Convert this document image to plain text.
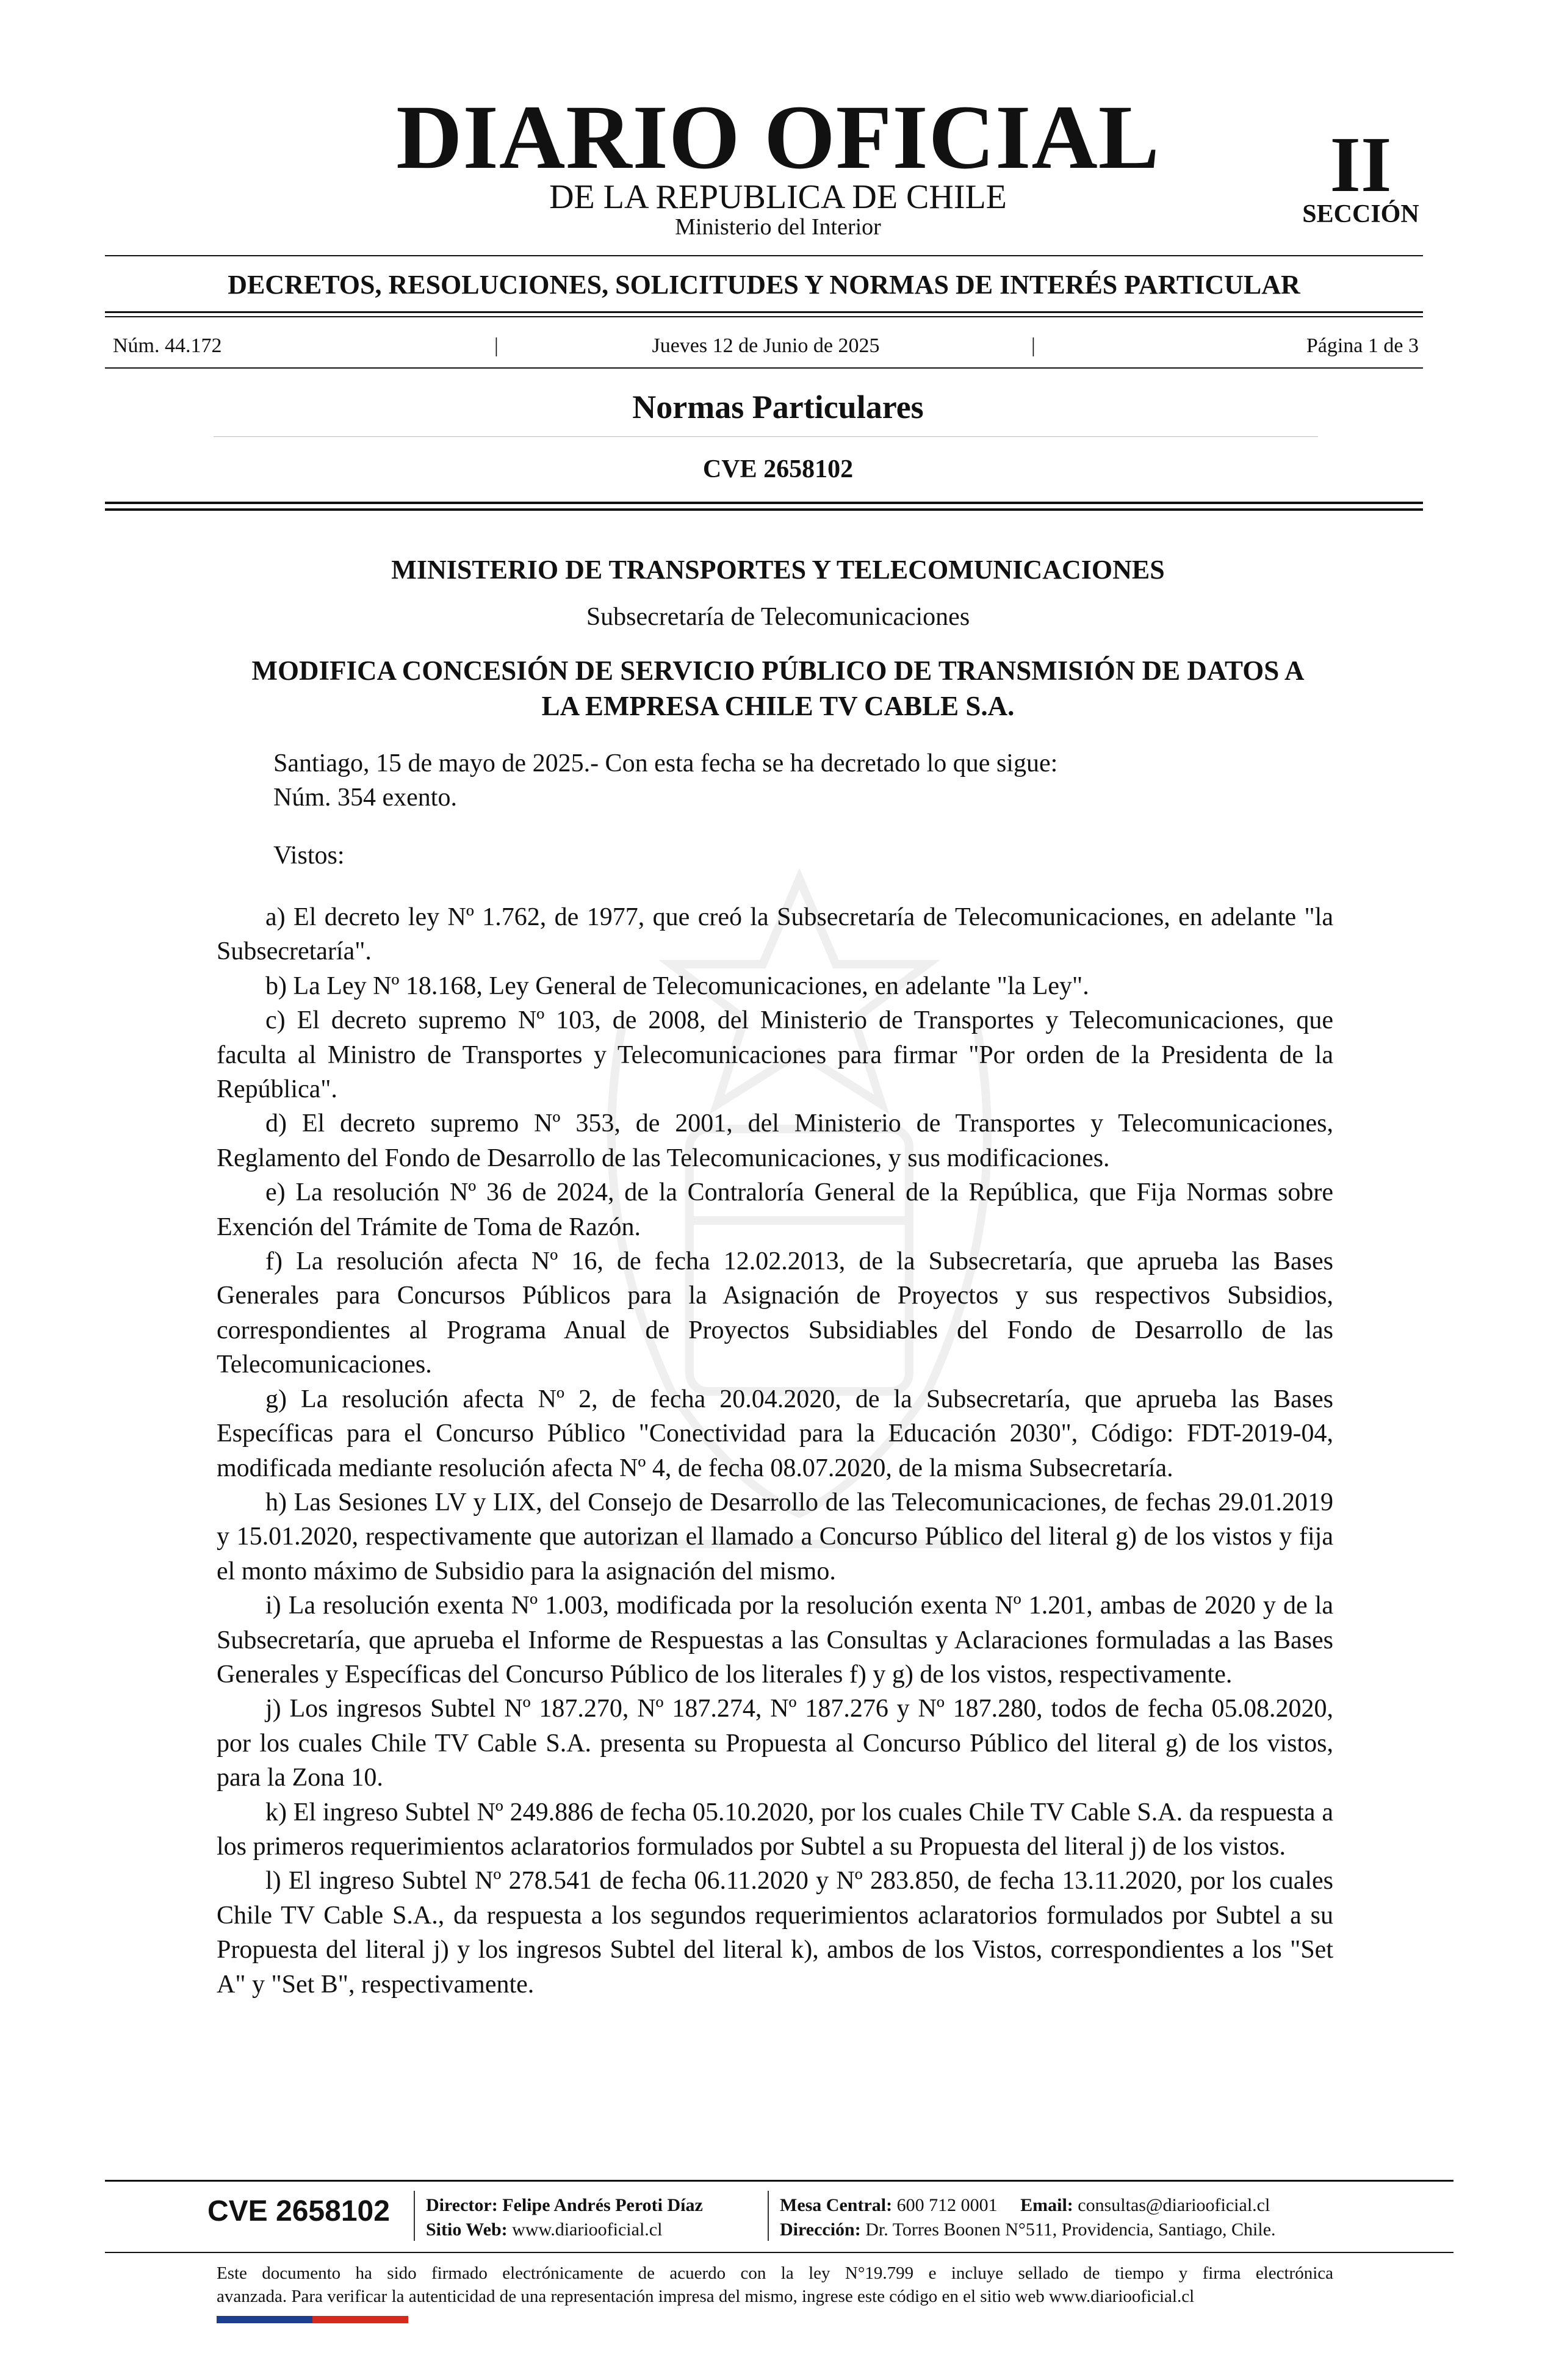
DIARIO OFICIAL
DE LA REPUBLICA DE CHILE
Ministerio del Interior
II
SECCIÓN
DECRETOS, RESOLUCIONES, SOLICITUDES Y NORMAS DE INTERÉS PARTICULAR
Núm. 44.172	|	Jueves 12 de Junio de 2025	|	Página 1 de 3
Normas Particulares
CVE 2658102
MINISTERIO DE TRANSPORTES Y TELECOMUNICACIONES
Subsecretaría de Telecomunicaciones
MODIFICA CONCESIÓN DE SERVICIO PÚBLICO DE TRANSMISIÓN DE DATOS A
LA EMPRESA CHILE TV CABLE S.A.
Santiago, 15 de mayo de 2025.- Con esta fecha se ha decretado lo que sigue:
Núm. 354 exento.
Vistos:

a) El decreto ley Nº 1.762, de 1977, que creó la Subsecretaría de Telecomunicaciones, en adelante "la Subsecretaría".

b) La Ley Nº 18.168, Ley General de Telecomunicaciones, en adelante "la Ley".

c) El decreto supremo Nº 103, de 2008, del Ministerio de Transportes y Telecomunicaciones, que faculta al Ministro de Transportes y Telecomunicaciones para firmar "Por orden de la Presidenta de la República".

d) El decreto supremo Nº 353, de 2001, del Ministerio de Transportes y Telecomunicaciones, Reglamento del Fondo de Desarrollo de las Telecomunicaciones, y sus modificaciones.

e) La resolución Nº 36 de 2024, de la Contraloría General de la República, que Fija Normas sobre Exención del Trámite de Toma de Razón.

f) La resolución afecta Nº 16, de fecha 12.02.2013, de la Subsecretaría, que aprueba las Bases Generales para Concursos Públicos para la Asignación de Proyectos y sus respectivos Subsidios, correspondientes al Programa Anual de Proyectos Subsidiables del Fondo de Desarrollo de las Telecomunicaciones.

g) La resolución afecta Nº 2, de fecha 20.04.2020, de la Subsecretaría, que aprueba las Bases Específicas para el Concurso Público "Conectividad para la Educación 2030", Código: FDT-2019-04, modificada mediante resolución afecta Nº 4, de fecha 08.07.2020, de la misma Subsecretaría.

h) Las Sesiones LV y LIX, del Consejo de Desarrollo de las Telecomunicaciones, de fechas 29.01.2019 y 15.01.2020, respectivamente que autorizan el llamado a Concurso Público del literal g) de los vistos y fija el monto máximo de Subsidio para la asignación del mismo.

i) La resolución exenta Nº 1.003, modificada por la resolución exenta Nº 1.201, ambas de 2020 y de la Subsecretaría, que aprueba el Informe de Respuestas a las Consultas y Aclaraciones formuladas a las Bases Generales y Específicas del Concurso Público de los literales f) y g) de los vistos, respectivamente.

j) Los ingresos Subtel Nº 187.270, Nº 187.274, Nº 187.276 y Nº 187.280, todos de fecha 05.08.2020, por los cuales Chile TV Cable S.A. presenta su Propuesta al Concurso Público del literal g) de los vistos, para la Zona 10.

k) El ingreso Subtel Nº 249.886 de fecha 05.10.2020, por los cuales Chile TV Cable S.A. da respuesta a los primeros requerimientos aclaratorios formulados por Subtel a su Propuesta del literal j) de los vistos.

l) El ingreso Subtel Nº 278.541 de fecha 06.11.2020 y Nº 283.850, de fecha 13.11.2020, por los cuales Chile TV Cable S.A., da respuesta a los segundos requerimientos aclaratorios formulados por Subtel a su Propuesta del literal j) y los ingresos Subtel del literal k), ambos de los Vistos, correspondientes a los "Set A" y "Set B", respectivamente.

CVE 2658102 Director: Felipe Andrés Peroti Díaz
Sitio Web: www.diariooficial.cl
Mesa Central: 600 712 0001 Email: consultas@diariooficial.cl
Dirección: Dr. Torres Boonen N°511, Providencia, Santiago, Chile.
Este documento ha sido firmado electrónicamente de acuerdo con la ley N°19.799 e incluye sellado de tiempo y firma electrónica
avanzada. Para verificar la autenticidad de una representación impresa del mismo, ingrese este código en el sitio web www.diariooficial.cl
